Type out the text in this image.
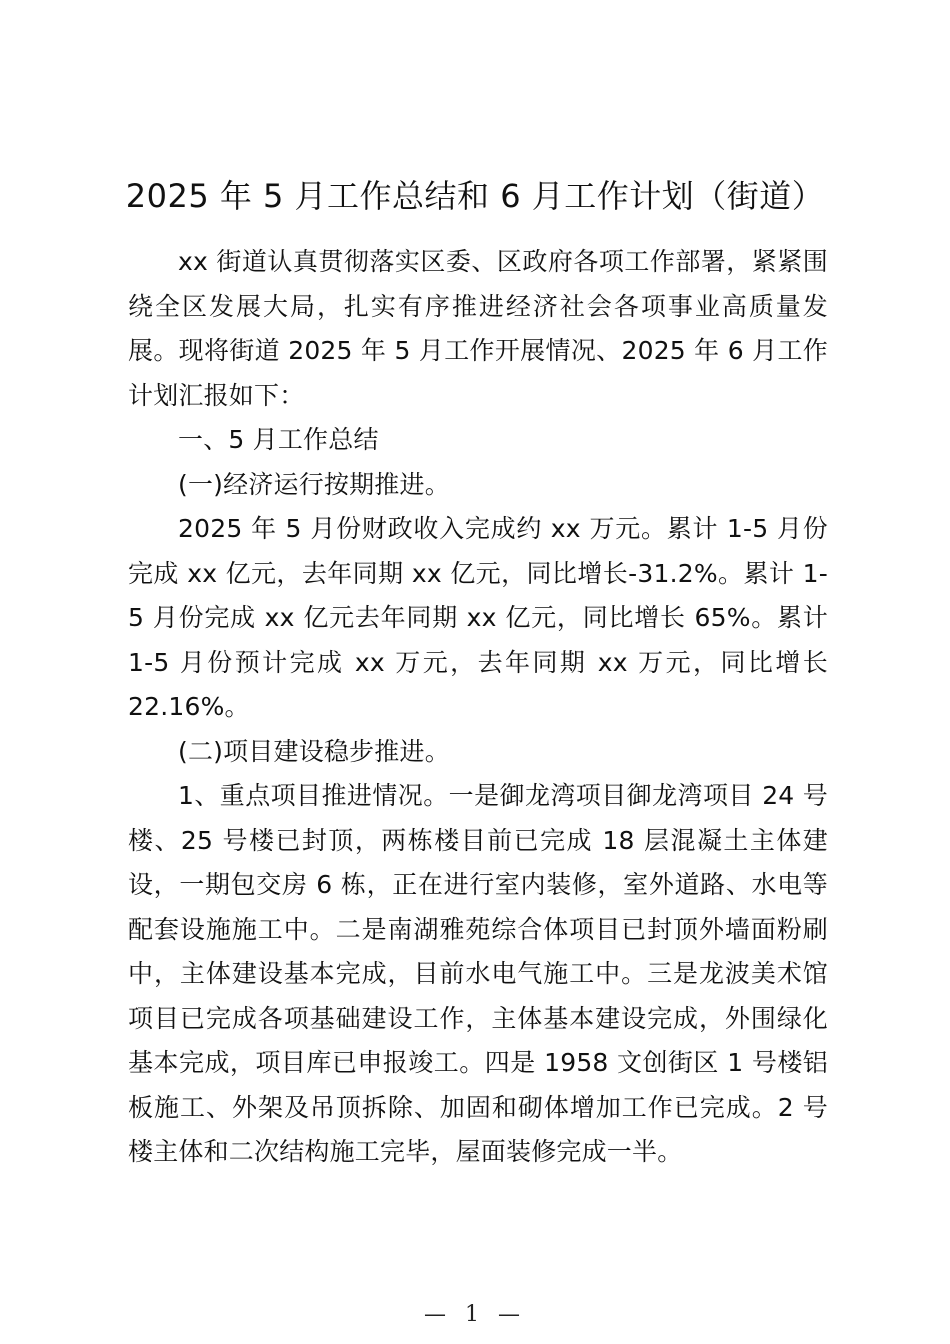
2025 年 5 月工作总结和 6 月工作计划（街道）

xx 街道认真贯彻落实区委、区政府各项工作部署，紧紧围绕全区发展大局，扎实有序推进经济社会各项事业高质量发展。现将街道 2025 年 5 月工作开展情况、2025 年 6 月工作计划汇报如下：

一、5 月工作总结

(一)经济运行按期推进。

2025 年 5 月份财政收入完成约 xx 万元。累计 1-5 月份完成 xx 亿元，去年同期 xx 亿元，同比增长-31.2%。累计 1-5 月份完成 xx 亿元去年同期 xx 亿元，同比增长 65%。累计 1-5 月份预计完成 xx 万元，去年同期 xx 万元，同比增长 22.16%。

(二)项目建设稳步推进。

1、重点项目推进情况。一是御龙湾项目御龙湾项目 24 号楼、25 号楼已封顶，两栋楼目前已完成 18 层混凝土主体建设，一期包交房 6 栋，正在进行室内装修，室外道路、水电等配套设施施工中。二是南湖雅苑综合体项目已封顶外墙面粉刷中，主体建设基本完成，目前水电气施工中。三是龙波美术馆项目已完成各项基础建设工作，主体基本建设完成，外围绿化基本完成，项目库已申报竣工。四是 1958 文创街区 1 号楼铝板施工、外架及吊顶拆除、加固和砌体增加工作已完成。2 号楼主体和二次结构施工完毕，屋面装修完成一半。

— 1 —
